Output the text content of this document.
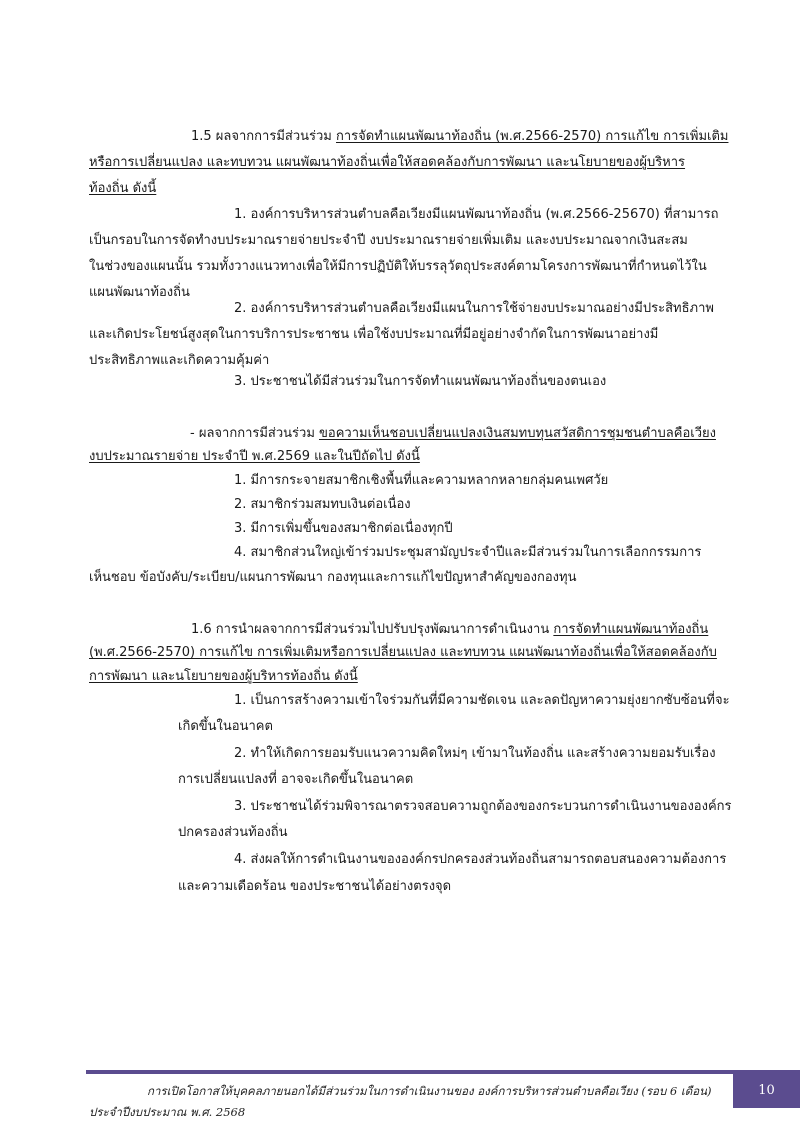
1.5 ผลจากการมีส่วนร่วม การจัดทำแผนพัฒนาท้องถิ่น (พ.ศ.2566-2570) การแก้ไข การเพิ่มเติม
หรือการเปลี่ยนแปลง และทบทวน แผนพัฒนาท้องถิ่นเพื่อให้สอดคล้องกับการพัฒนา และนโยบายของผู้บริหาร
ท้องถิ่น ดังนี้
1. องค์การบริหารส่วนตำบลคือเวียงมีแผนพัฒนาท้องถิ่น (พ.ศ.2566-25670) ที่สามารถ
เป็นกรอบในการจัดทำงบประมาณรายจ่ายประจำปี งบประมาณรายจ่ายเพิ่มเติม และงบประมาณจากเงินสะสม
ในช่วงของแผนนั้น รวมทั้งวางแนวทางเพื่อให้มีการปฏิบัติให้บรรลุวัตถุประสงค์ตามโครงการพัฒนาที่กำหนดไว้ใน
แผนพัฒนาท้องถิ่น
2. องค์การบริหารส่วนตำบลคือเวียงมีแผนในการใช้จ่ายงบประมาณอย่างมีประสิทธิภาพ
และเกิดประโยชน์สูงสุดในการบริการประชาชน เพื่อใช้งบประมาณที่มีอยู่อย่างจำกัดในการพัฒนาอย่างมี
ประสิทธิภาพและเกิดความคุ้มค่า
3. ประชาชนได้มีส่วนร่วมในการจัดทำแผนพัฒนาท้องถิ่นของตนเอง
- ผลจากการมีส่วนร่วม ขอความเห็นชอบเปลี่ยนแปลงเงินสมทบทุนสวัสดิการชุมชนตำบลคือเวียง
งบประมาณรายจ่าย ประจำปี พ.ศ.2569 และในปีถัดไป ดังนี้
1. มีการกระจายสมาชิกเชิงพื้นที่และความหลากหลายกลุ่มคนเพศวัย
2. สมาชิกร่วมสมทบเงินต่อเนื่อง
3. มีการเพิ่มขึ้นของสมาชิกต่อเนื่องทุกปี
4. สมาชิกส่วนใหญ่เข้าร่วมประชุมสามัญประจำปีและมีส่วนร่วมในการเลือกกรรมการ
เห็นชอบ ข้อบังคับ/ระเบียบ/แผนการพัฒนา กองทุนและการแก้ไขปัญหาสำคัญของกองทุน
1.6 การนำผลจากการมีส่วนร่วมไปปรับปรุงพัฒนาการดำเนินงาน การจัดทำแผนพัฒนาท้องถิ่น
(พ.ศ.2566-2570) การแก้ไข การเพิ่มเติมหรือการเปลี่ยนแปลง และทบทวน แผนพัฒนาท้องถิ่นเพื่อให้สอดคล้องกับ
การพัฒนา และนโยบายของผู้บริหารท้องถิ่น ดังนี้
1. เป็นการสร้างความเข้าใจร่วมกันที่มีความชัดเจน และลดปัญหาความยุ่งยากซับซ้อนที่จะ
เกิดขึ้นในอนาคต
2. ทำให้เกิดการยอมรับแนวความคิดใหม่ๆ เข้ามาในท้องถิ่น และสร้างความยอมรับเรื่อง
การเปลี่ยนแปลงที่ อาจจะเกิดขึ้นในอนาคต
3. ประชาชนได้ร่วมพิจารณาตรวจสอบความถูกต้องของกระบวนการดำเนินงานขององค์กร
ปกครองส่วนท้องถิ่น
4. ส่งผลให้การดำเนินงานขององค์กรปกครองส่วนท้องถิ่นสามารถตอบสนองความต้องการ
และความเดือดร้อน ของประชาชนได้อย่างตรงจุด
การเปิดโอกาสให้บุคคลภายนอกได้มีส่วนร่วมในการดำเนินงานของ องค์การบริหารส่วนตำบลคือเวียง (รอบ 6 เดือน)
ประจำปีงบประมาณ พ.ศ. 2568
10
